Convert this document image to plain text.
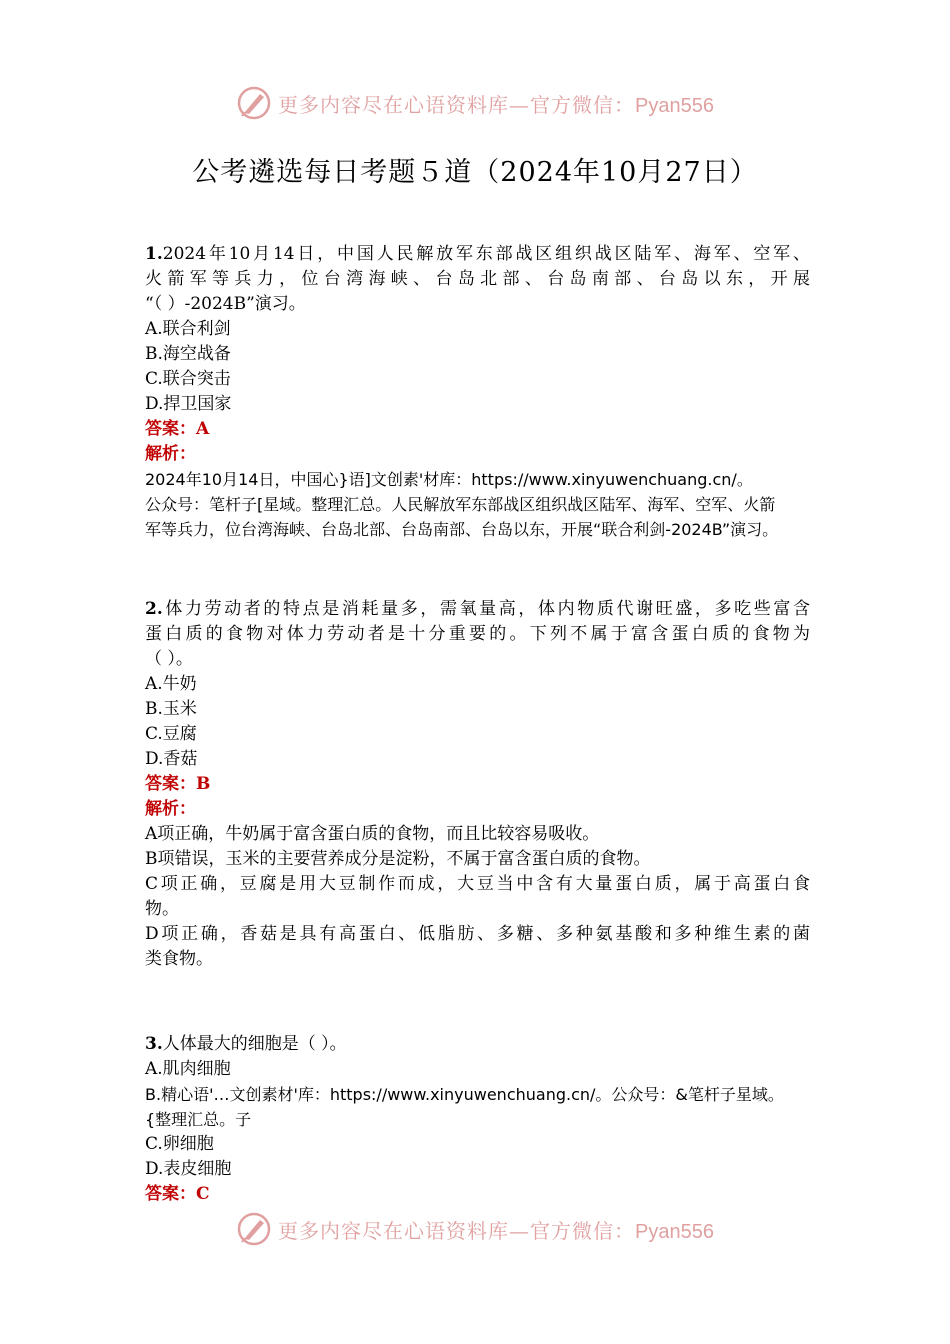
更多内容尽在心语资料库—官方微信：Pyan556
公考遴选每日考题５道（2024年10月27日）
1.2024年10月14日，中国人民解放军东部战区组织战区陆军、海军、空军、
火箭军等兵力，位台湾海峡、台岛北部、台岛南部、台岛以东，开展
“（ ）-2024B”演习。
A.联合利剑
B.海空战备
C.联合突击
D.捍卫国家
答案：A
解析：
2024年10月14日，中国心}语]文创素'材库：https://www.xinyuwenchuang.cn/。
公众号：笔杆子[星域。整理汇总。人民解放军东部战区组织战区陆军、海军、空军、火箭
军等兵力，位台湾海峡、台岛北部、台岛南部、台岛以东，开展“联合利剑-2024B”演习。
2.体力劳动者的特点是消耗量多，需氧量高，体内物质代谢旺盛，多吃些富含
蛋白质的食物对体力劳动者是十分重要的。下列不属于富含蛋白质的食物为
（ ）。
A.牛奶
B.玉米
C.豆腐
D.香菇
答案：B
解析：
A项正确，牛奶属于富含蛋白质的食物，而且比较容易吸收。
B项错误，玉米的主要营养成分是淀粉，不属于富含蛋白质的食物。
C项正确，豆腐是用大豆制作而成，大豆当中含有大量蛋白质，属于高蛋白食
物。
D项正确，香菇是具有高蛋白、低脂肪、多糖、多种氨基酸和多种维生素的菌
类食物。
3.人体最大的细胞是（ ）。
A.肌肉细胞
B.精心语'…文创素材'库：https://www.xinyuwenchuang.cn/。公众号：&笔杆子星域。
{整理汇总。子
C.卵细胞
D.表皮细胞
答案：C
更多内容尽在心语资料库—官方微信：Pyan556
